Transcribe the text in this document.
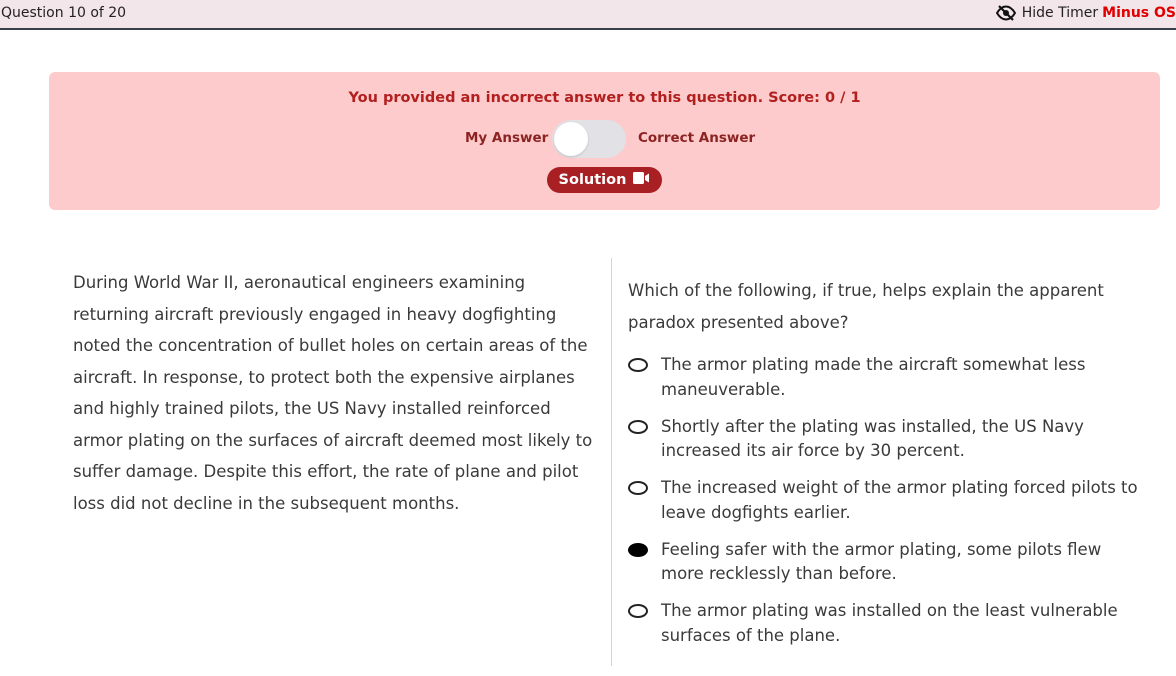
Question 10 of 20	Hide Timer Minus OS
You provided an incorrect answer to this question. Score: 0 / 1
My Answer	Correct Answer
Solution
During World War II, aeronautical engineers examining returning aircraft previously engaged in heavy dogfighting noted the concentration of bullet holes on certain areas of the aircraft. In response, to protect both the expensive airplanes and highly trained pilots, the US Navy installed reinforced armor plating on the surfaces of aircraft deemed most likely to suffer damage. Despite this effort, the rate of plane and pilot loss did not decline in the subsequent months.
Which of the following, if true, helps explain the apparent paradox presented above?
The armor plating made the aircraft somewhat less maneuverable.
Shortly after the plating was installed, the US Navy increased its air force by 30 percent.
The increased weight of the armor plating forced pilots to leave dogfights earlier.
Feeling safer with the armor plating, some pilots flew more recklessly than before.
The armor plating was installed on the least vulnerable surfaces of the plane.
